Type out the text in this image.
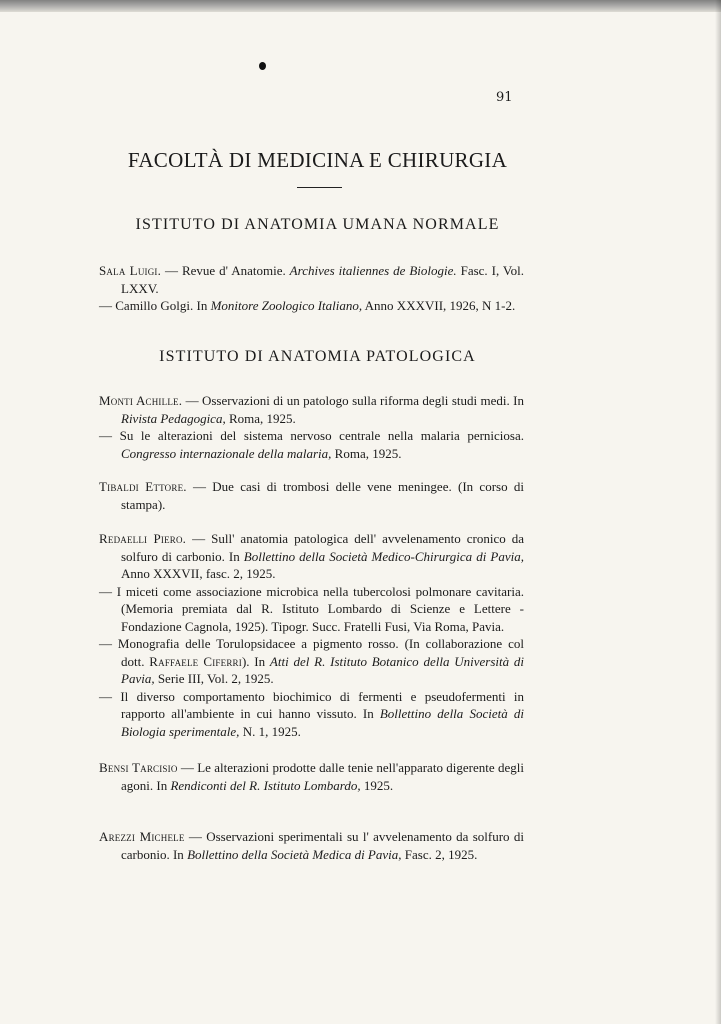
91
FACOLTÀ DI MEDICINA E CHIRURGIA
ISTITUTO DI ANATOMIA UMANA NORMALE

Sala Luigi. — Revue d' Anatomie. Archives italiennes de Biologie. Fasc. I, Vol. LXXV.

— Camillo Golgi. In Monitore Zoologico Italiano, Anno XXXVII, 1926, N 1-2.

ISTITUTO DI ANATOMIA PATOLOGICA

Monti Achille. — Osservazioni di un patologo sulla riforma degli studi medi. In Rivista Pedagogica, Roma, 1925.

— Su le alterazioni del sistema nervoso centrale nella malaria perniciosa. Congresso internazionale della malaria, Roma, 1925.

Tibaldi Ettore. — Due casi di trombosi delle vene meningee. (In corso di stampa).

Redaelli Piero. — Sull' anatomia patologica dell' avvelenamento cronico da solfuro di carbonio. In Bollettino della Società Medico-Chirurgica di Pavia, Anno XXXVII, fasc. 2, 1925.

— I miceti come associazione microbica nella tubercolosi polmonare cavitaria. (Memoria premiata dal R. Istituto Lombardo di Scienze e Lettere - Fondazione Cagnola, 1925). Tipogr. Succ. Fratelli Fusi, Via Roma, Pavia.

— Monografia delle Torulopsidacee a pigmento rosso. (In collaborazione col dott. Raffaele Ciferri). In Atti del R. Istituto Botanico della Università di Pavia, Serie III, Vol. 2, 1925.

— Il diverso comportamento biochimico di fermenti e pseudofermenti in rapporto all'ambiente in cui hanno vissuto. In Bollettino della Società di Biologia sperimentale, N. 1, 1925.

Bensi Tarcisio — Le alterazioni prodotte dalle tenie nell'apparato digerente degli agoni. In Rendiconti del R. Istituto Lombardo, 1925.

Arezzi Michele — Osservazioni sperimentali su l' avvelenamento da solfuro di carbonio. In Bollettino della Società Medica di Pavia, Fasc. 2, 1925.
